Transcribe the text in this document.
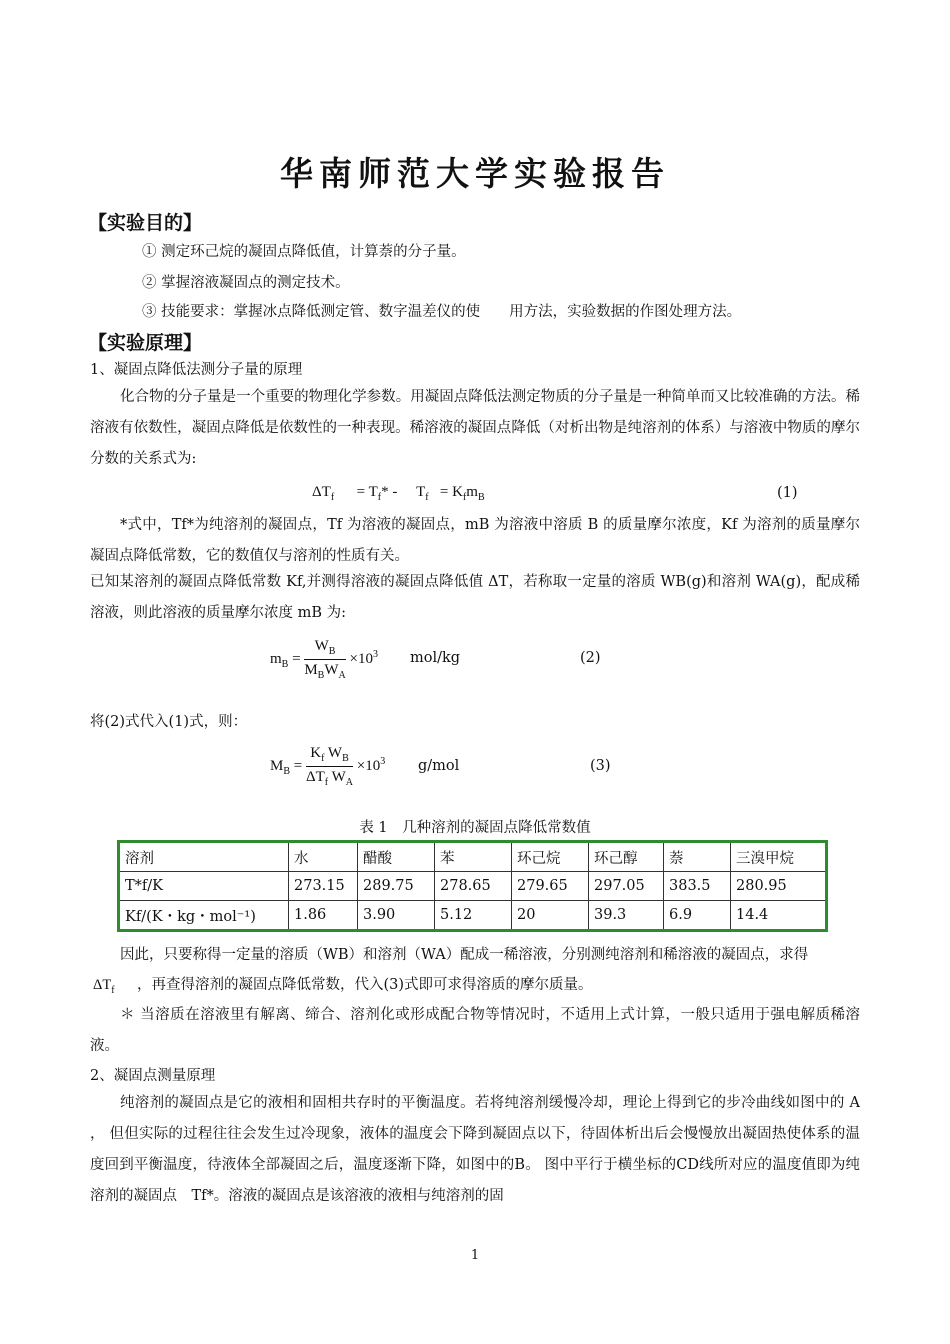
华南师范大学实验报告
【实验目的】
① 测定环己烷的凝固点降低值，计算萘的分子量。
② 掌握溶液凝固点的测定技术。
③ 技能要求：掌握冰点降低测定管、数字温差仪的使　　用方法，实验数据的作图处理方法。
【实验原理】
1、凝固点降低法测分子量的原理
化合物的分子量是一个重要的物理化学参数。用凝固点降低法测定物质的分子量是一种简单而又比较准确的方法。稀溶液有依数性，凝固点降低是依数性的一种表现。稀溶液的凝固点降低（对析出物是纯溶剂的体系）与溶液中物质的摩尔分数的关系式为:
$\Delta T_f$      = $T_f*$ -     $T_f = K_fm_B$	(1)
*式中，Tf*为纯溶剂的凝固点，Tf 为溶液的凝固点，mB 为溶液中溶质 B 的质量摩尔浓度，Kf 为溶剂的质量摩尔凝固点降低常数，它的数值仅与溶剂的性质有关。
已知某溶剂的凝固点降低常数 Kf,并测得溶液的凝固点降低值 ΔT，若称取一定量的溶质 WB(g)和溶剂 WA(g)，配成稀溶液，则此溶液的质量摩尔浓度 mB 为:
$m_B = \frac{W_B}{M_BW_A} \times 10^3$ mol/kg	(2)
将(2)式代入(1)式，则：
$M_B = \frac{K_f W_B}{\Delta T_f W_A} \times 10^3$ g/mol	(3)
表 1　几种溶剂的凝固点降低常数值
溶剂	水	醋酸	苯	环己烷	环己醇	萘	三溴甲烷
T*f/K	273.15	289.75	278.65	279.65	297.05	383.5	280.95
Kf/(K・kg・mol⁻¹)	1.86	3.90	5.12	20	39.3	6.9	14.4
因此，只要称得一定量的溶质（WB）和溶剂（WA）配成一稀溶液，分别测纯溶剂和稀溶液的凝固点，求得
$\Delta T_f$ ，再查得溶剂的凝固点降低常数，代入(3)式即可求得溶质的摩尔质量。
＊ 当溶质在溶液里有解离、缔合、溶剂化或形成配合物等情况时，不适用上式计算，一般只适用于强电解质稀溶液。
2、凝固点测量原理
纯溶剂的凝固点是它的液相和固相共存时的平衡温度。若将纯溶剂缓慢冷却，理论上得到它的步冷曲线如图中的 A ， 但但实际的过程往往会发生过冷现象，液体的温度会下降到凝固点以下，待固体析出后会慢慢放出凝固热使体系的温度回到平衡温度，待液体全部凝固之后，温度逐渐下降，如图中的B。 图中平行于横坐标的CD线所对应的温度值即为纯溶剂的凝固点　Tf*。溶液的凝固点是该溶液的液相与纯溶剂的固
1
